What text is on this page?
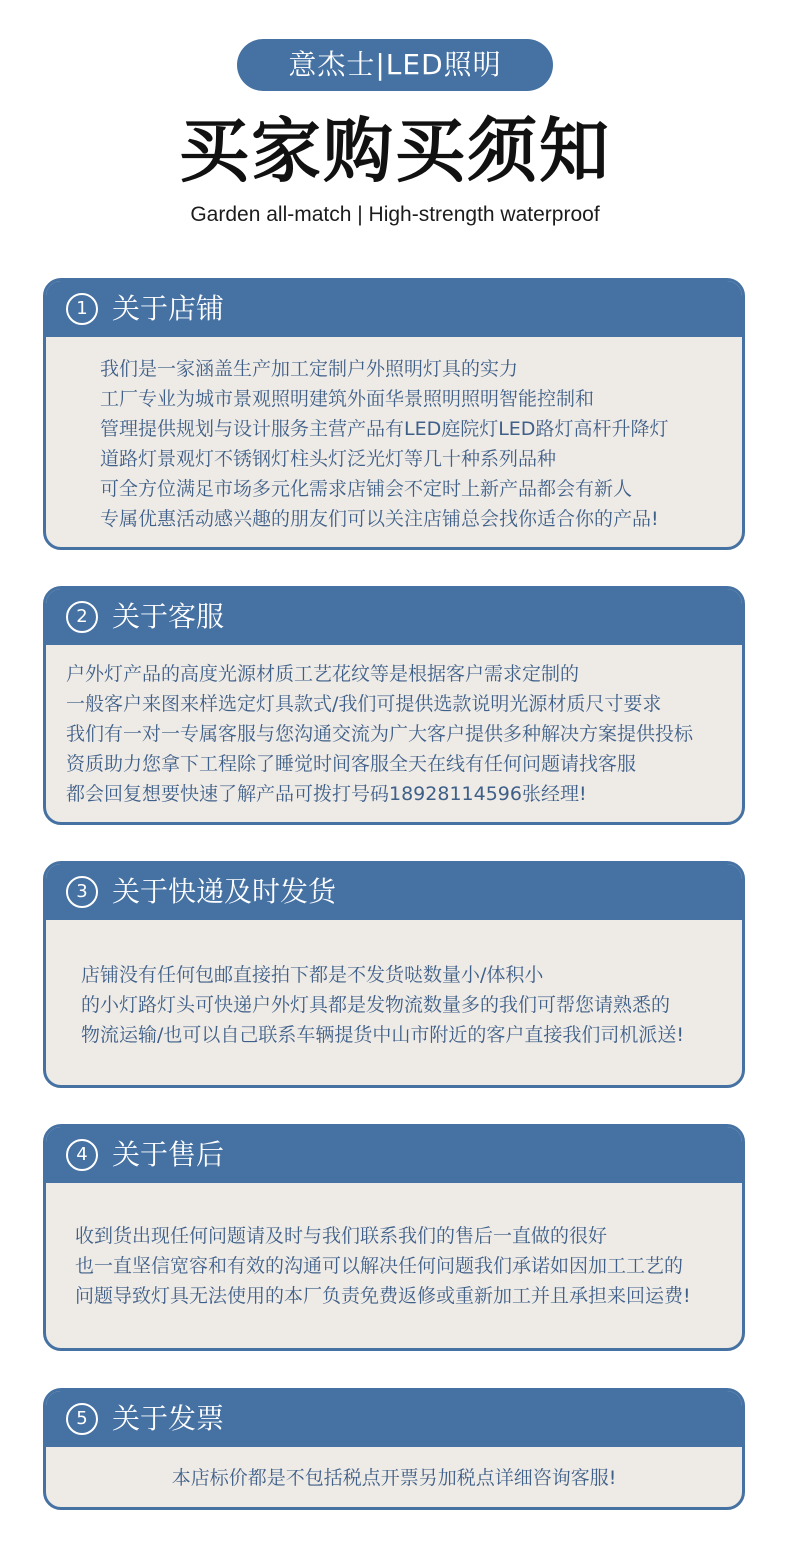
意杰士|LED照明
买家购买须知
Garden all-match | High-strength waterproof
1 关于店铺
我们是一家涵盖生产加工定制户外照明灯具的实力
工厂专业为城市景观照明建筑外面华景照明照明智能控制和
管理提供规划与设计服务主营产品有LED庭院灯LED路灯高杆升降灯
道路灯景观灯不锈钢灯柱头灯泛光灯等几十种系列品种
可全方位满足市场多元化需求店铺会不定时上新产品都会有新人
专属优惠活动感兴趣的朋友们可以关注店铺总会找你适合你的产品!
2 关于客服
户外灯产品的高度光源材质工艺花纹等是根据客户需求定制的
一般客户来图来样选定灯具款式/我们可提供选款说明光源材质尺寸要求
我们有一对一专属客服与您沟通交流为广大客户提供多种解决方案提供投标
资质助力您拿下工程除了睡觉时间客服全天在线有任何问题请找客服
都会回复想要快速了解产品可拨打号码18928114596张经理!
3 关于快递及时发货
店铺没有任何包邮直接拍下都是不发货哒数量小/体积小
的小灯路灯头可快递户外灯具都是发物流数量多的我们可帮您请熟悉的
物流运输/也可以自己联系车辆提货中山市附近的客户直接我们司机派送!
4 关于售后
收到货出现任何问题请及时与我们联系我们的售后一直做的很好
也一直坚信宽容和有效的沟通可以解决任何问题我们承诺如因加工工艺的
问题导致灯具无法使用的本厂负责免费返修或重新加工并且承担来回运费!
5 关于发票
本店标价都是不包括税点开票另加税点详细咨询客服!
